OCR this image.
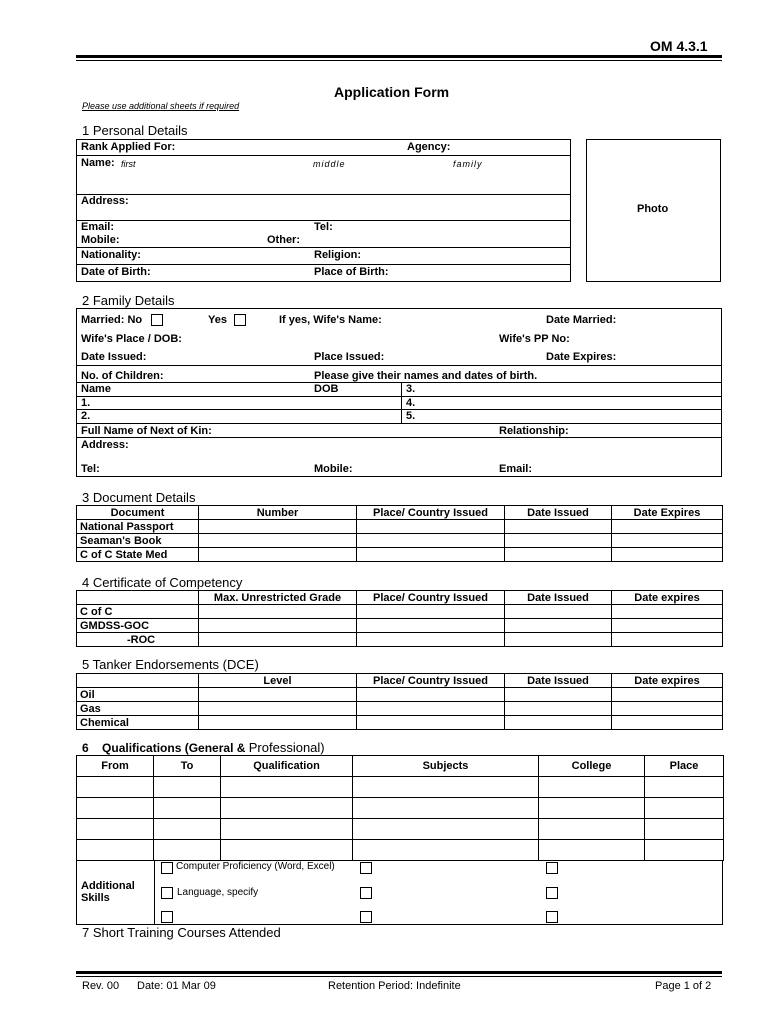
OM 4.3.1
Application Form
Please use additional sheets if required
1 Personal Details
Rank Applied For:	Agency:
Name: first	middle	family
Address:
Email:	Tel:
Mobile:	Other:
Nationality:	Religion:
Date of Birth:	Place of Birth:
Photo
2 Family Details
Married: No	Yes	If yes, Wife's Name:	Date Married:
Wife's Place / DOB:	Wife's PP No:
Date Issued:	Place Issued:	Date Expires:
No. of Children:	Please give their names and dates of birth.
Name	DOB	3.
1.	4.
2.	5.
Full Name of Next of Kin:	Relationship:
Address:
Tel:	Mobile:	Email:
3 Document Details
Document	Number	Place/ Country Issued	Date Issued	Date Expires
National Passport				
Seaman's Book				
C of C State Med				
4 Certificate of Competency
	Max. Unrestricted Grade	Place/ Country Issued	Date Issued	Date expires
C of C				
GMDSS-GOC				
-ROC				
5 Tanker Endorsements (DCE)
	Level	Place/ Country Issued	Date Issued	Date expires
Oil				
Gas				
Chemical				
6 Qualifications (General & Professional)
From	To	Qualification	Subjects	College	Place

Additional Skills
Computer Proficiency (Word, Excel)
Language, specify
7 Short Training Courses Attended
Rev. 00 Date: 01 Mar 09	Retention Period: Indefinite	Page 1 of 2
